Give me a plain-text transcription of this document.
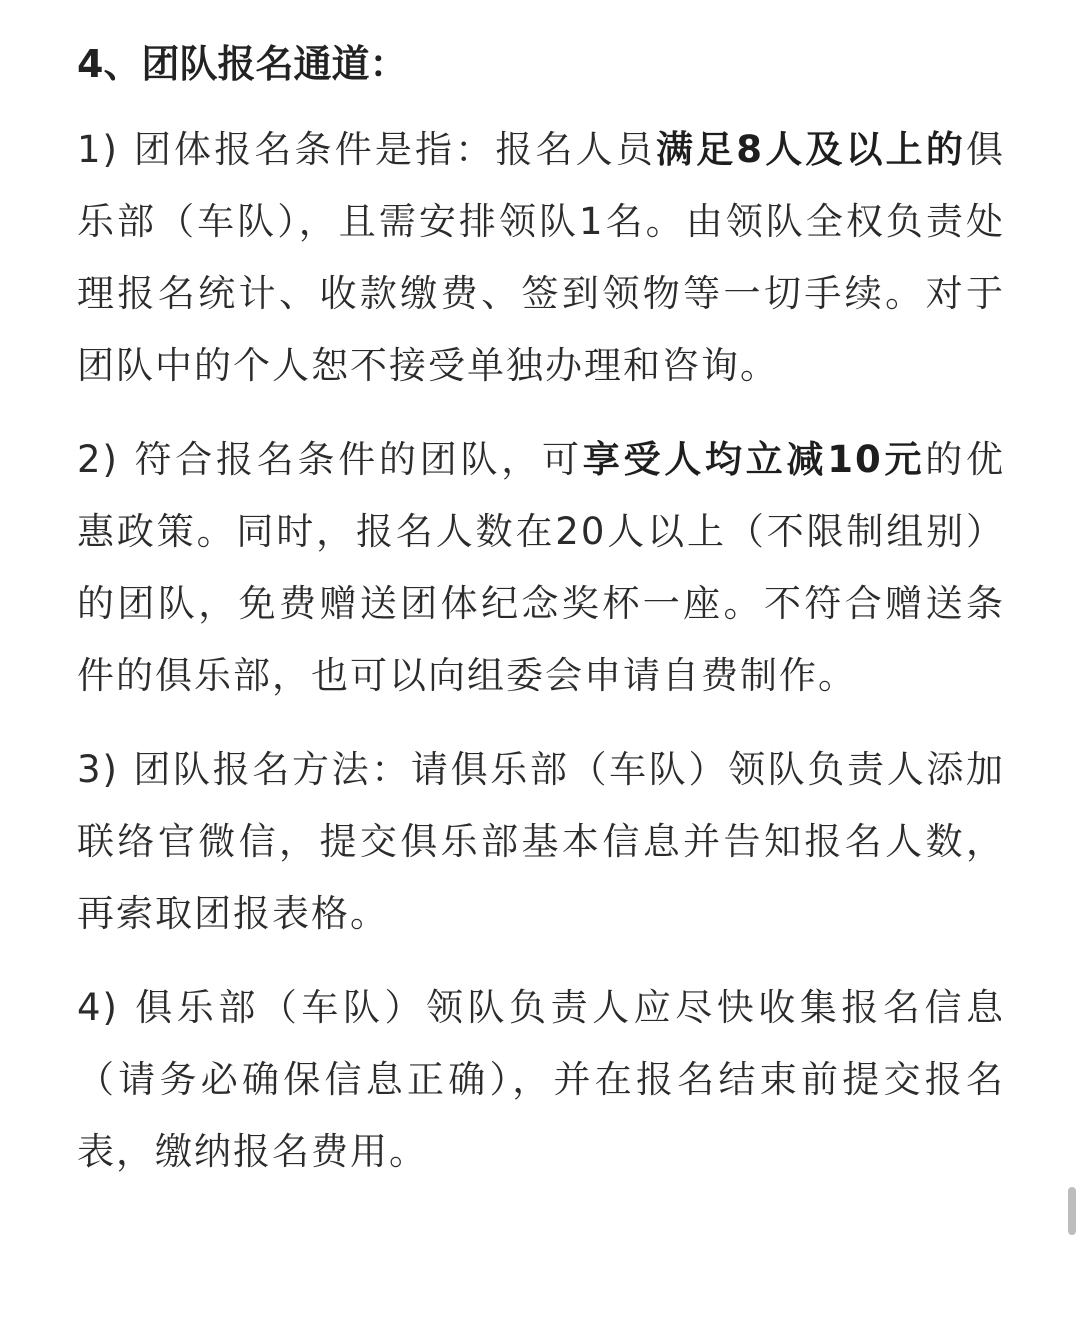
4、团队报名通道：

1) 团体报名条件是指：报名人员满足8人及以上的俱乐部（车队），且需安排领队1名。由领队全权负责处理报名统计、收款缴费、签到领物等一切手续。对于团队中的个人恕不接受单独办理和咨询。

2) 符合报名条件的团队，可享受人均立减10元的优惠政策。同时，报名人数在20人以上（不限制组别）的团队，免费赠送团体纪念奖杯一座。不符合赠送条件的俱乐部，也可以向组委会申请自费制作。

3) 团队报名方法：请俱乐部（车队）领队负责人添加联络官微信，提交俱乐部基本信息并告知报名人数，再索取团报表格。

4) 俱乐部（车队）领队负责人应尽快收集报名信息（请务必确保信息正确），并在报名结束前提交报名表，缴纳报名费用。
